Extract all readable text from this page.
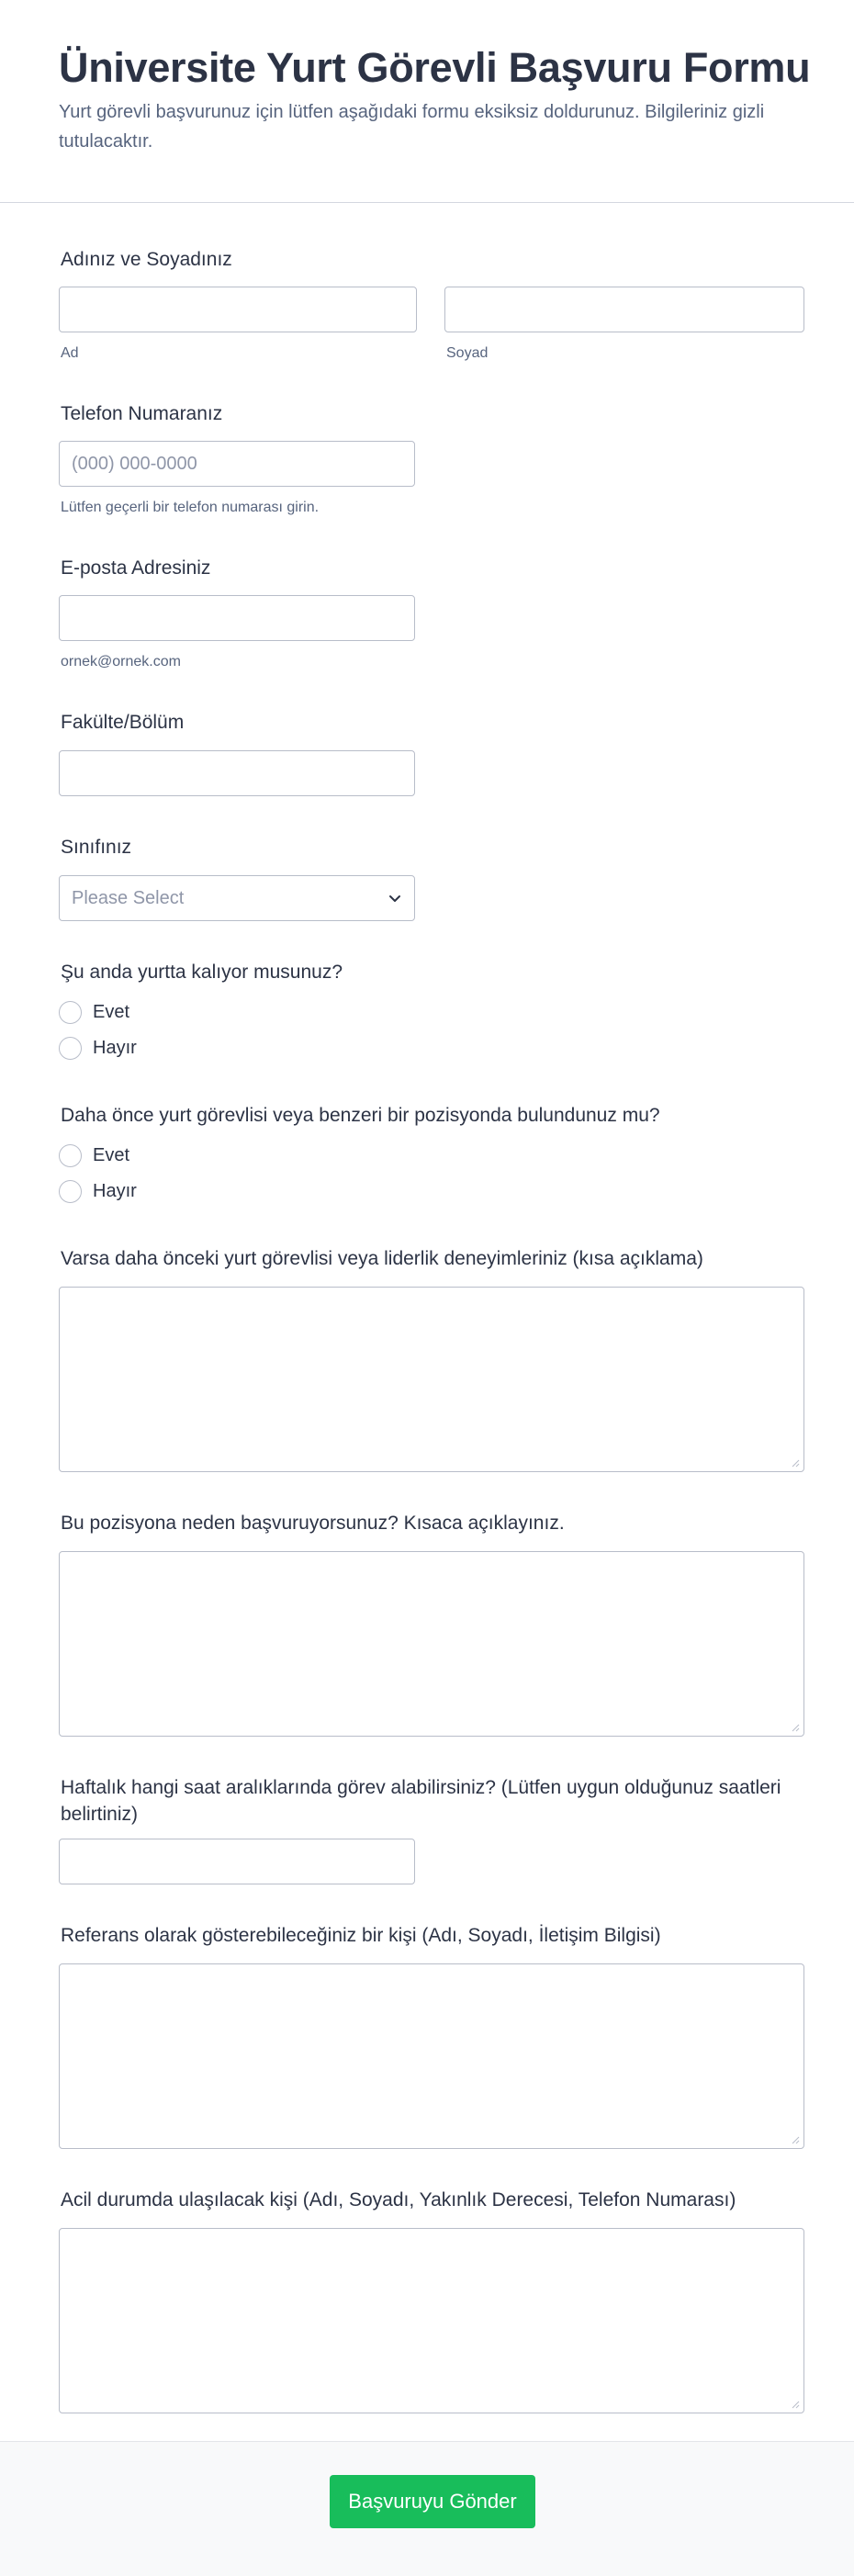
Üniversite Yurt Görevli Başvuru Formu
Yurt görevli başvurunuz için lütfen aşağıdaki formu eksiksiz doldurunuz. Bilgileriniz gizli tutulacaktır.
Adınız ve Soyadınız
Ad	Soyad
Telefon Numaranız
(000) 000-0000
Lütfen geçerli bir telefon numarası girin.
E-posta Adresiniz
ornek@ornek.com
Fakülte/Bölüm
Sınıfınız
Please Select
Şu anda yurtta kalıyor musunuz?
Evet
Hayır
Daha önce yurt görevlisi veya benzeri bir pozisyonda bulundunuz mu?
Evet
Hayır
Varsa daha önceki yurt görevlisi veya liderlik deneyimleriniz (kısa açıklama)
Bu pozisyona neden başvuruyorsunuz? Kısaca açıklayınız.
Haftalık hangi saat aralıklarında görev alabilirsiniz? (Lütfen uygun olduğunuz saatleri
belirtiniz)
Referans olarak gösterebileceğiniz bir kişi (Adı, Soyadı, İletişim Bilgisi)
Acil durumda ulaşılacak kişi (Adı, Soyadı, Yakınlık Derecesi, Telefon Numarası)
Başvuruyu Gönder
